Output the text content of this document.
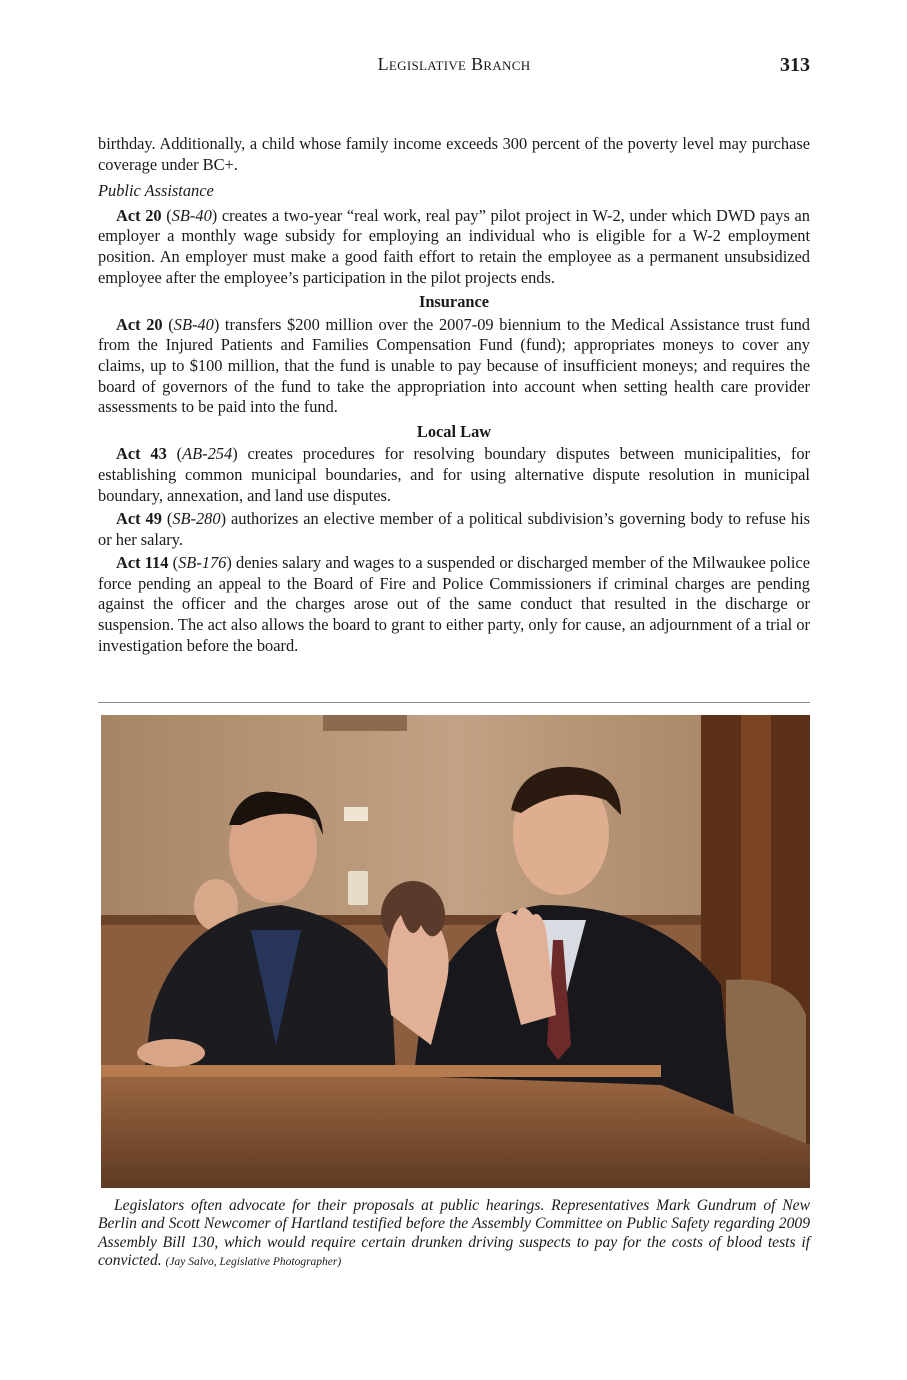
Legislative Branch	313

birthday. Additionally, a child whose family income exceeds 300 percent of the poverty level may purchase coverage under BC+.

Public Assistance

Act 20 (SB-40) creates a two-year “real work, real pay” pilot project in W-2, under which DWD pays an employer a monthly wage subsidy for employing an individual who is eligible for a W-2 employment position. An employer must make a good faith effort to retain the employee as a permanent unsubsidized employee after the employee’s participation in the pilot projects ends.

Insurance

Act 20 (SB-40) transfers $200 million over the 2007-09 biennium to the Medical Assistance trust fund from the Injured Patients and Families Compensation Fund (fund); appropriates moneys to cover any claims, up to $100 million, that the fund is unable to pay because of insufficient moneys; and requires the board of governors of the fund to take the appropriation into account when setting health care provider assessments to be paid into the fund.

Local Law

Act 43 (AB-254) creates procedures for resolving boundary disputes between municipalities, for establishing common municipal boundaries, and for using alternative dispute resolution in municipal boundary, annexation, and land use disputes.

Act 49 (SB-280) authorizes an elective member of a political subdivision’s governing body to refuse his or her salary.

Act 114 (SB-176) denies salary and wages to a suspended or discharged member of the Milwaukee police force pending an appeal to the Board of Fire and Police Commissioners if criminal charges are pending against the officer and the charges arose out of the same conduct that resulted in the discharge or suspension. The act also allows the board to grant to either party, only for cause, an adjournment of a trial or investigation before the board.

Legislators often advocate for their proposals at public hearings. Representatives Mark Gundrum of New Berlin and Scott Newcomer of Hartland testified before the Assembly Committee on Public Safety regarding 2009 Assembly Bill 130, which would require certain drunken driving suspects to pay for the costs of blood tests if convicted. (Jay Salvo, Legislative Photographer)
